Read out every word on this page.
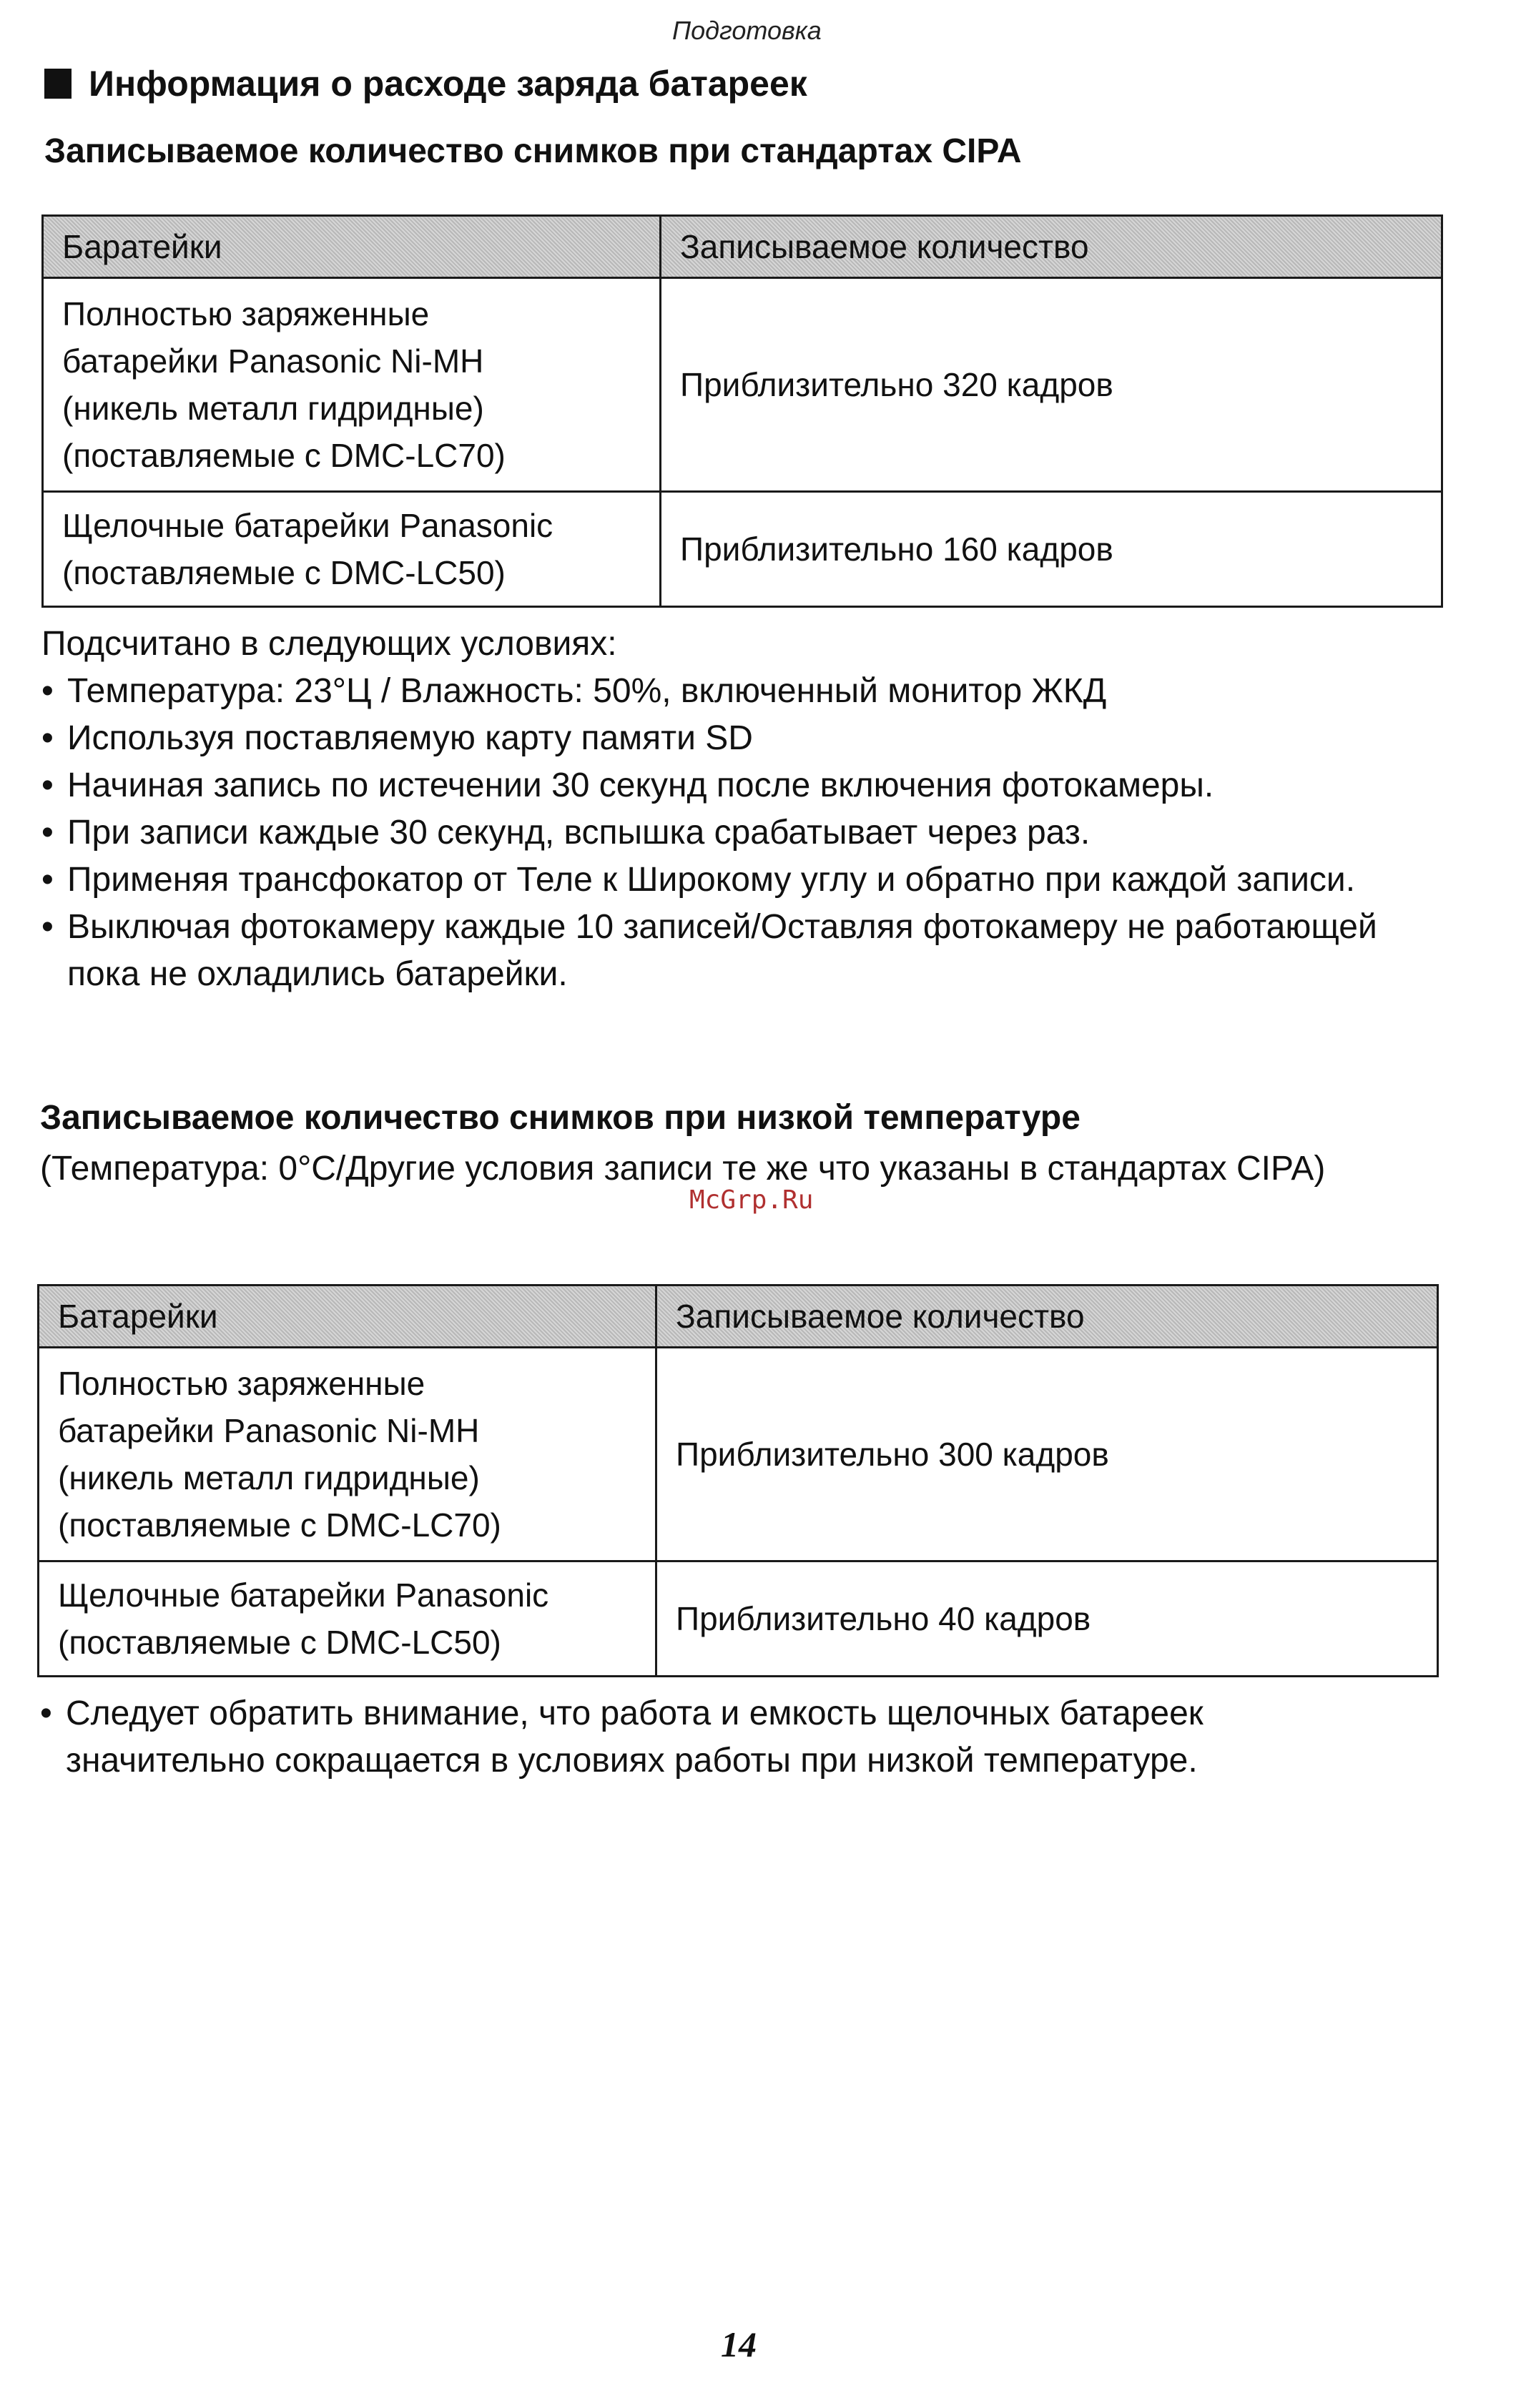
Подготовка
Информация о расходе заряда батареек
Записываемое количество снимков при стандартах CIPA
Баратейки	Записываемое количество

Полностью заряженные
батарейки Panasonic Ni-MH
(никель металл гидридные)
(поставляемые с DMC-LC70)	Приблизительно 320 кадров

Щелочные батарейки Panasonic
(поставляемые с DMC-LC50)	Приблизительно 160 кадров
Подсчитано в следующих условиях:
• Температура: 23°Ц / Влажность: 50%, включенный монитор ЖКД
• Используя поставляемую карту памяти SD
• Начиная запись по истечении 30 секунд после включения фотокамеры.
• При записи каждые 30 секунд, вспышка срабатывает через раз.
• Применяя трансфокатор от Теле к Широкому углу и обратно при каждой записи.
• Выключая фотокамеру каждые 10 записей/Оставляя фотокамеру не работающей пока не охладились батарейки.
Записываемое количество снимков при низкой температуре
(Температура: 0°C/Другие условия записи те же что указаны в стандартах CIPA)
McGrp.Ru
Батарейки	Записываемое количество

Полностью заряженные
батарейки Panasonic Ni-MH
(никель металл гидридные)
(поставляемые с DMC-LC70)	Приблизительно 300 кадров

Щелочные батарейки Panasonic
(поставляемые с DMC-LC50)	Приблизительно 40 кадров
• Следует обратить внимание, что работа и емкость щелочных батареек значительно сокращается в условиях работы при низкой температуре.
14
